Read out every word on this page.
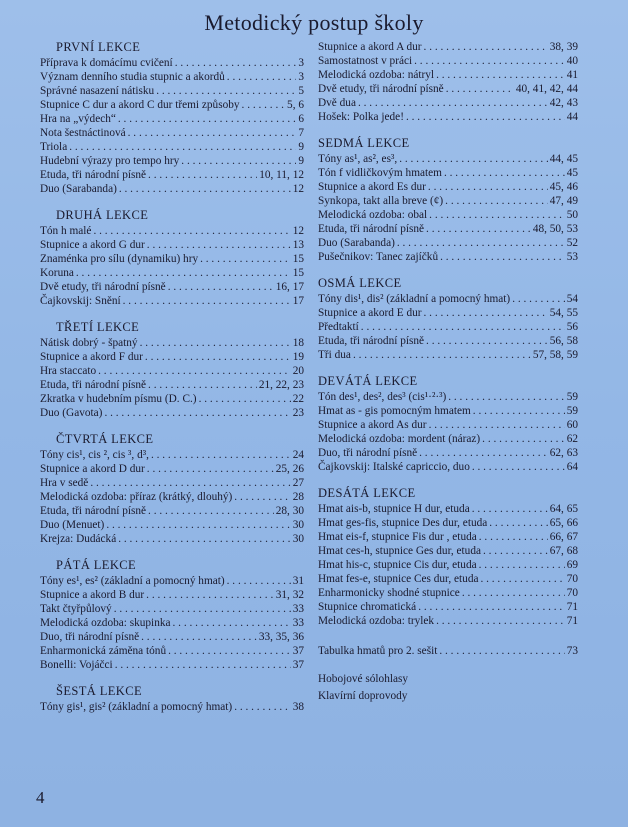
Metodický postup školy
PRVNÍ LEKCE
Příprava k domácímu cvičení . . .	3
Význam denního studia stupnic a akordů . . .	3
Správné nasazení nátisku . . .	5
Stupnice C dur a akord C dur třemi způsoby . . .	5, 6
Hra na „výdech“ . . .	6
Nota šestnáctinová . . .	7
Triola . . .	9
Hudební výrazy pro tempo hry . . .	9
Etuda, tři národní písně . . .	10, 11, 12
Duo (Sarabanda) . . .	12
DRUHÁ LEKCE
Tón h malé . . .	12
Stupnice a akord G dur . . .	13
Znaménka pro sílu (dynamiku) hry . . .	15
Koruna . . .	15
Dvě etudy, tři národní písně . . .	16, 17
Čajkovskij: Snění . . .	17
TŘETÍ LEKCE
Nátisk dobrý - špatný . . .	18
Stupnice a akord F dur . . .	19
Hra staccato . . .	20
Etuda, tři národní písně . . .	21, 22, 23
Zkratka v hudebním písmu (D. C.) . . .	22
Duo (Gavota) . . .	23
ČTVRTÁ LEKCE
Tóny cis¹, cis ², cis ³, d³, . . .	24
Stupnice a akord D dur . . .	25, 26
Hra v sedě . . .	27
Melodická ozdoba: příraz (krátký, dlouhý) . . .	28
Etuda, tři národní písně . . .	28, 30
Duo (Menuet) . . .	30
Krejza: Dudácká . . .	30
PÁTÁ LEKCE
Tóny es¹, es² (základní a pomocný hmat) . . .	31
Stupnice a akord B dur . . .	31, 32
Takt čtyřpůlový . . .	33
Melodická ozdoba: skupinka . . .	33
Duo, tři národní písně . . .	33, 35, 36
Enharmonická záměna tónů . . .	37
Bonelli: Vojáčci . . .	37
ŠESTÁ LEKCE
Tóny gis¹, gis² (základní a pomocný hmat) . . .	38
Stupnice a akord A dur . . .	38, 39
Samostatnost v práci . . .	40
Melodická ozdoba: nátryl . . .	41
Dvě etudy, tři národní písně . . .	40, 41, 42, 44
Dvě dua . . .	42, 43
Hošek: Polka jede! . . .	44
SEDMÁ LEKCE
Tóny as¹, as², es³, . . .	44, 45
Tón f vidličkovým hmatem . . .	45
Stupnice a akord Es dur . . .	45, 46
Synkopa, takt alla breve (¢) . . .	47, 49
Melodická ozdoba: obal . . .	50
Etuda, tři národní písně . . .	48, 50, 53
Duo (Sarabanda) . . .	52
Pušečnikov: Tanec zajíčků . . .	53
OSMÁ LEKCE
Tóny dis¹, dis² (základní a pomocný hmat) . . .	54
Stupnice a akord E dur . . .	54, 55
Předtaktí . . .	56
Etuda, tři národní písně . . .	56, 58
Tři dua . . .	57, 58, 59
DEVÁTÁ LEKCE
Tón des¹, des², des³ (cis¹·²·³) . . .	59
Hmat as - gis pomocným hmatem . . .	59
Stupnice a akord As dur . . .	60
Melodická ozdoba: mordent (náraz) . . .	62
Duo, tři národní písně . . .	62, 63
Čajkovskij: Italské capriccio, duo . . .	64
DESÁTÁ LEKCE
Hmat ais-b, stupnice H dur, etuda . . .	64, 65
Hmat ges-fis, stupnice Des dur, etuda . . .	65, 66
Hmat eis-f, stupnice Fis dur , etuda . . .	66, 67
Hmat ces-h, stupnice Ges dur, etuda . . .	67, 68
Hmat his-c, stupnice Cis dur, etuda . . .	69
Hmat fes-e, stupnice Ces dur, etuda . . .	70
Enharmonicky shodné stupnice . . .	70
Stupnice chromatická . . .	71
Melodická ozdoba: trylek . . .	71
Tabulka hmatů pro 2. sešit . . .	73
Hobojové sólohlasy
Klavírní doprovody
4
